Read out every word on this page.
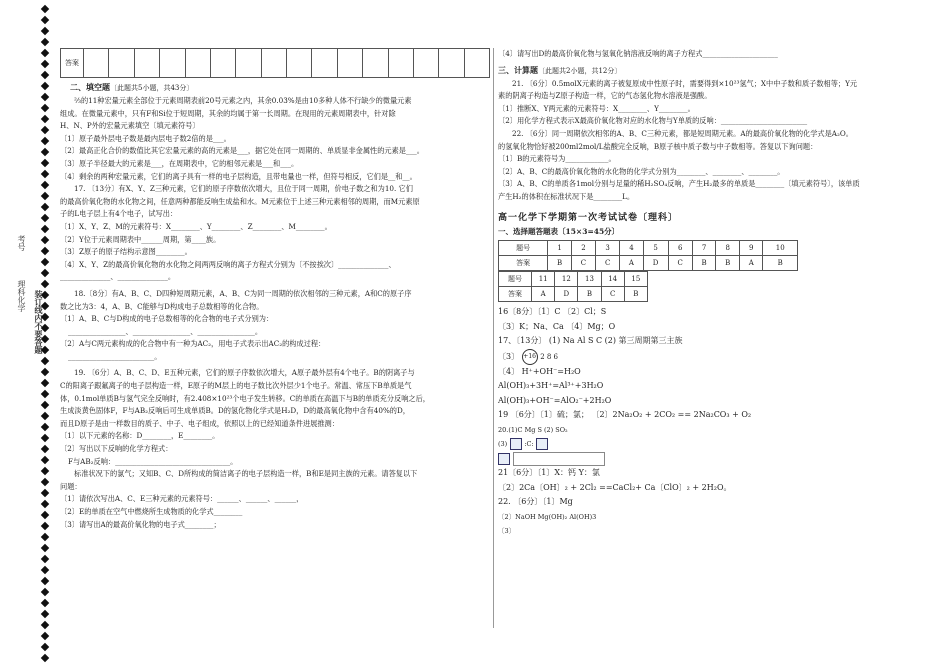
理科化学
考号
装订线内不要答题
答案																
二、填空题〔此题共5小题，共43分〕

⅔的11种宏量元素全部位于元素周期表前20号元素之内，其余0.03%是由10多种人体不行缺少的微量元素

组成。在微量元素中，只有F和Si位于短周期，其余的均属于第一长周期。在现用的元素周期表中，针对除

H、N、P外的宏量元素填空〔填元素符号〕

〔1〕原子最外层电子数是最内层电子数2倍的是___。

〔2〕最高正化合价的数值比其它宏量元素的高的元素是___，据它处在同一周期的、单质显非金属性的元素是___。

〔3〕原子半径最大的元素是___，在周期表中，它的相邻元素是___和___。

〔4〕剩余的两种宏量元素，它们的离子具有一样的电子层构造，且带电量也一样，但符号相反，它们是__和__。

17. 〔13分〕有X、Y、Z三种元素，它们的原子序数依次增大，且位于同一周期，价电子数之和为10. 它们

的最高价氧化物的水化物之间，任意两种都能反响生成盐和水。M元素位于上述三种元素相邻的周期，而M元素原

子的L电子层上有4个电子，试写出：

〔1〕X、Y、Z、M的元素符号：X________、Y________、Z________、M________。

〔2〕Y位于元素周期表中______周期，第____族。

〔3〕Z原子的原子结构示意图________。

〔4〕X、Y、Z的最高价氧化物的水化物之间两两反响的离子方程式分别为〔不按挨次〕______________、

______________、______________。

18.〔8分〕有A、B、C、D四种短周期元素，A、B、C为同一周期的依次相邻的三种元素，A和C的原子序

数之比为3：4，A、B、C能够与D构成电子总数相等的化合物。

〔1〕A、B、C与D构成的电子总数相等的化合物的电子式分别为：

________________、________________、________________。

〔2〕A与C两元素构成的化合物中有一种为AC₂，用电子式表示出AC₂的构成过程：

________________________。

19. 〔6分〕A、B、C、D、E五种元素，它们的原子序数依次增大，A原子最外层有4个电子。B的阴离子与

C的阳离子跟氟离子的电子层构造一样，E原子的M层上的电子数比次外层少1个电子。常温、常压下B单质是气

体，0.1mol单质B与氢气完全反响时，有2.408×10²³个电子发生转移。C的单质在高温下与B的单质充分反响之后，

生成淡黄色固体F，F与AB₂反响后可生成单质B。D的氢化物化学式是H₂D，D的最高氧化物中含有40%的D，

而且D原子是由一样数目的质子、中子、电子组成，依照以上的已经知道条件进展推测：

〔1〕以下元素的名称：D________，E________。

〔2〕写出以下反响的化学方程式：

F与AB₂反响：________________________________。

标准状况下的氯气；又知B、C、D所构成的简洁离子的电子层构造一样，B和E是同主族的元素。请答复以下

问题：

〔1〕请依次写出A、C、E三种元素的元素符号：______、______、______，

〔2〕E的单质在空气中燃烧所生成物质的化学式________

〔3〕请写出A的最高价氧化物的电子式________；

〔4〕请写出D的最高价氧化物与氢氧化钠溶液反响的离子方程式_____________________

三、计算题〔此题共2小题，共12分〕

21. 〔6分〕0.5molX元素的离子被复原成中性原子时，需要得到×10²³氢气；X中中子数和质子数相等；Y元

素的阴离子构造与Z原子构造一样，它的气态氢化物水溶液是强酸。

〔1〕推断X、Y两元素的元素符号：X________、Y________。

〔2〕用化学方程式表示X最高价氧化物对应的水化物与Y单质的反响：________________________

22. 〔6分〕同一周期依次相邻的A、B、C三种元素，都是短周期元素。A的最高价氧化物的化学式是A₂O。

的氢氧化物恰好被200ml2mol/L盐酸完全反响，B原子核中质子数与中子数相等。答复以下询问题：

〔1〕B的元素符号为____________。

〔2〕A、B、C的最高价氧化物的水化物的化学式分别为________、________、________。

〔3〕A、B、C的单质各1mol分别与足量的稀H₂SO₄反响，产生H₂最多的单质是________〔填元素符号〕，该单质

产生H₂的体积在标准状况下是________L。

高一化学下学期第一次考试试卷〔理科〕

一、选择题答题表〔15×3=45分〕

题号	1	2	3	4	5	6	7	8	9	10
答案	B	C	C	A	D	C	B	B	A	B
题号	11	12	13	14	15
答案	A	D	B	C	B

16〔8分〕〔1〕C 〔2〕Cl；S

〔3〕K；Na、Ca 〔4〕Mg；O

17、〔13分〕 (1) Na Al S C (2) 第三周期第三主族

〔3〕 +16 2 8 6

〔4〕 H⁺+OH⁻=H₂O

Al(OH)₃+3H⁺=Al³⁺+3H₂O

Al(OH)₃+OH⁻=AlO₂⁻+2H₂O

19 〔6分〕〔1〕硫；氯； 〔2〕2Na₂O₂ + 2CO₂ == 2Na₂CO₃ + O₂

20.(1)C Mg S (2) SO₂

(3)	:C:

21〔6分〕〔1〕X：钙 Y：氯

〔2〕2Ca〔OH〕₂ + 2Cl₂ ==CaCl₂+ Ca〔ClO〕₂ + 2H₂O。

22. 〔6分〕〔1〕Mg

〔2〕NaOH Mg(OH)₂ Al(OH)3

〔3〕
